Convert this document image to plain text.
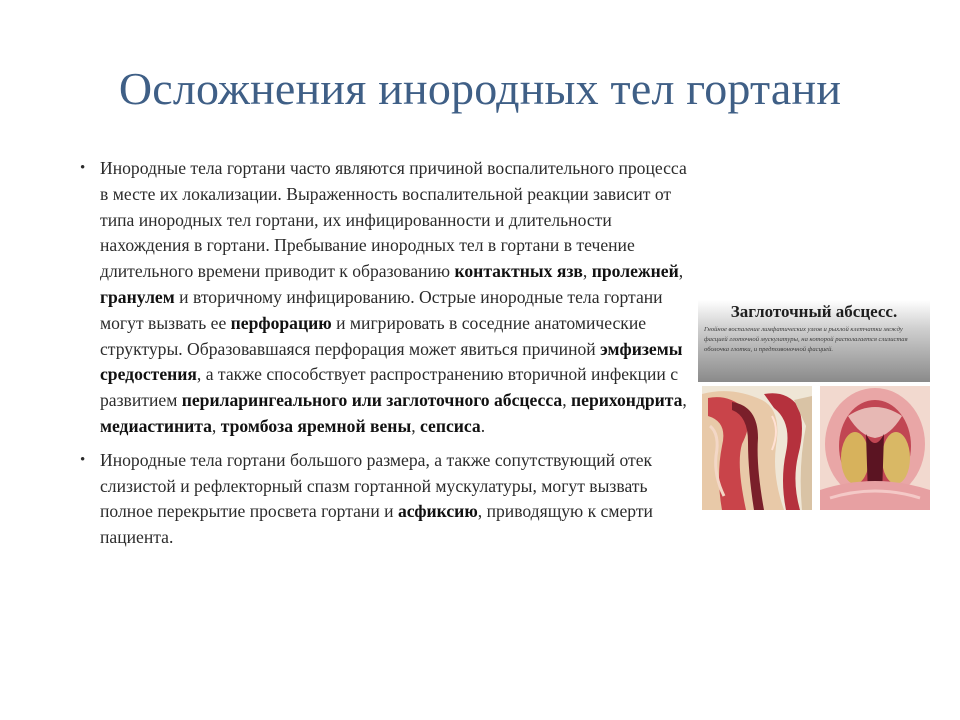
Осложнения инородных тел гортани
• Инородные тела гортани часто являются причиной воспалительного процесса в месте их локализации. Выраженность воспалительной реакции зависит от типа инородных тел гортани, их инфицированности и длительности нахождения в гортани. Пребывание инородных тел в гортани в течение длительного времени приводит к образованию контактных язв, пролежней, гранулем и вторичному инфицированию. Острые инородные тела гортани могут вызвать ее перфорацию и мигрировать в соседние анатомические структуры. Образовавшаяся перфорация может явиться причиной эмфиземы средостения, а также способствует распространению вторичной инфекции с развитием периларингеального или заглоточного абсцесса, перихондрита, медиастинита, тромбоза яремной вены, сепсиса.
• Инородные тела гортани большого размера, а также сопутствующий отек слизистой и рефлекторный спазм гортанной мускулатуры, могут вызвать полное перекрытие просвета гортани и асфиксию, приводящую к смерти пациента.
Заглоточный абсцесс.
Гнойное воспаление лимфатических узлов и рыхлой клетчатки между фасцией глоточной мускулатуры, на которой располагается слизистая оболочка глотки, и предпозвоночной фасцией.
